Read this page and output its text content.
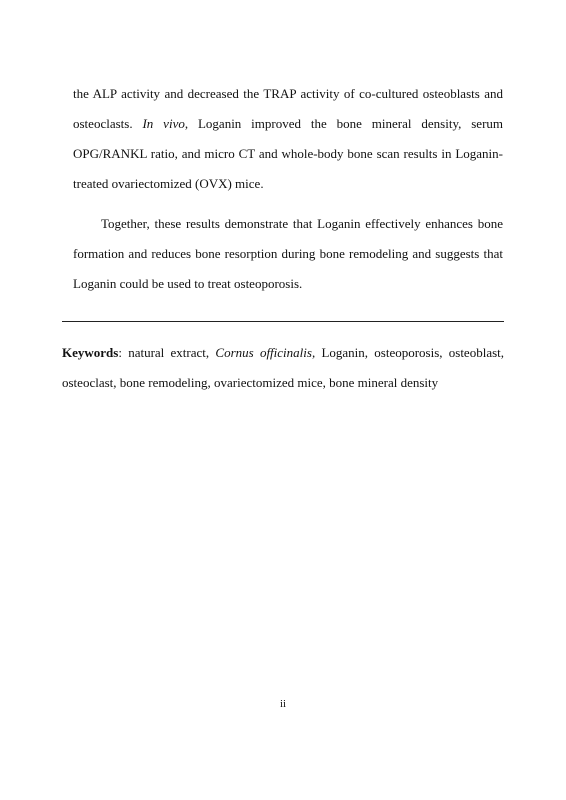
the ALP activity and decreased the TRAP activity of co-cultured osteoblasts and
osteoclasts. In vivo, Loganin improved the bone mineral density, serum
OPG/RANKL ratio, and micro CT and whole-body bone scan results in Loganin-
treated ovariectomized (OVX) mice.
Together, these results demonstrate that Loganin effectively enhances bone
formation and reduces bone resorption during bone remodeling and suggests that
Loganin could be used to treat osteoporosis.
Keywords: natural extract, Cornus officinalis, Loganin, osteoporosis, osteoblast,
osteoclast, bone remodeling, ovariectomized mice, bone mineral density
ii
